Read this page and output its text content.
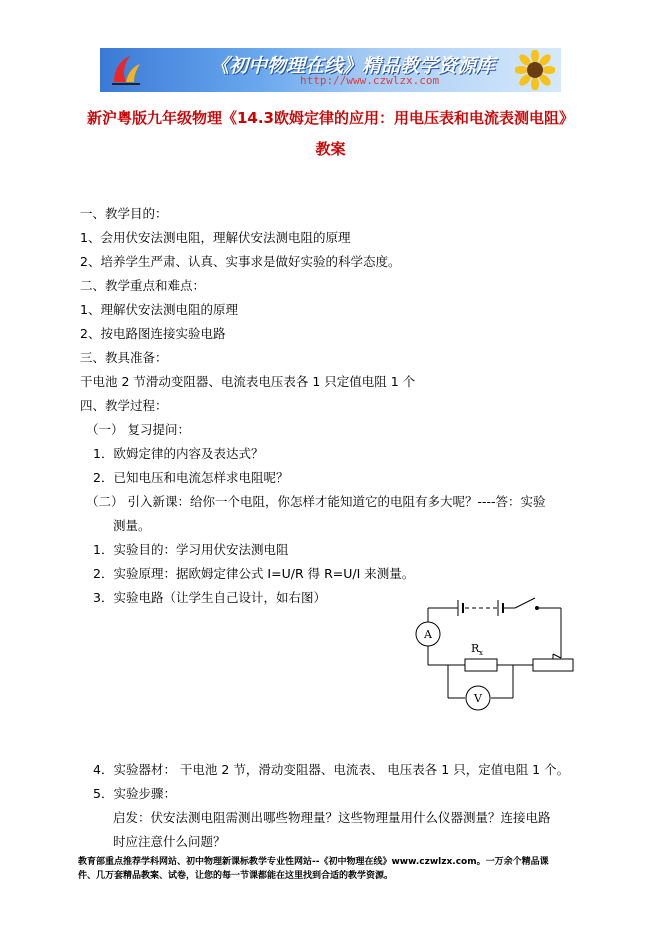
《初中物理在线》精品教学资源库
http://www.czwlzx.com
新沪粤版九年级物理《14.3欧姆定律的应用：用电压表和电流表测电阻》
教案
一、教学目的：
1、会用伏安法测电阻，理解伏安法测电阻的原理
2、培养学生严肃、认真、实事求是做好实验的科学态度。
二、教学重点和难点：
1、理解伏安法测电阻的原理
2、按电路图连接实验电路
三、教具准备：
干电池 2 节滑动变阻器、电流表电压表各 1 只定值电阻 1 个
四、教学过程：
（一） 复习提问：
1．欧姆定律的内容及表达式？
2．已知电压和电流怎样求电阻呢？
（二） 引入新课：给你一个电阻，你怎样才能知道它的电阻有多大呢？----答：实验
测量。
1．实验目的：学习用伏安法测电阻
2．实验原理：据欧姆定律公式 I=U/R 得 R=U/I 来测量。
3．实验电路（让学生自己设计，如右图）
A
V
R x
4．实验器材： 干电池 2 节，滑动变阻器、电流表、 电压表各 1 只，定值电阻 1 个。
5．实验步骤：
启发：伏安法测电阻需测出哪些物理量？这些物理量用什么仪器测量？连接电路
时应注意什么问题？
教育部重点推荐学科网站、初中物理新课标教学专业性网站--《初中物理在线》www.czwlzx.com。一万余个精品课
件、几万套精品教案、试卷，让您的每一节课都能在这里找到合适的教学资源。
